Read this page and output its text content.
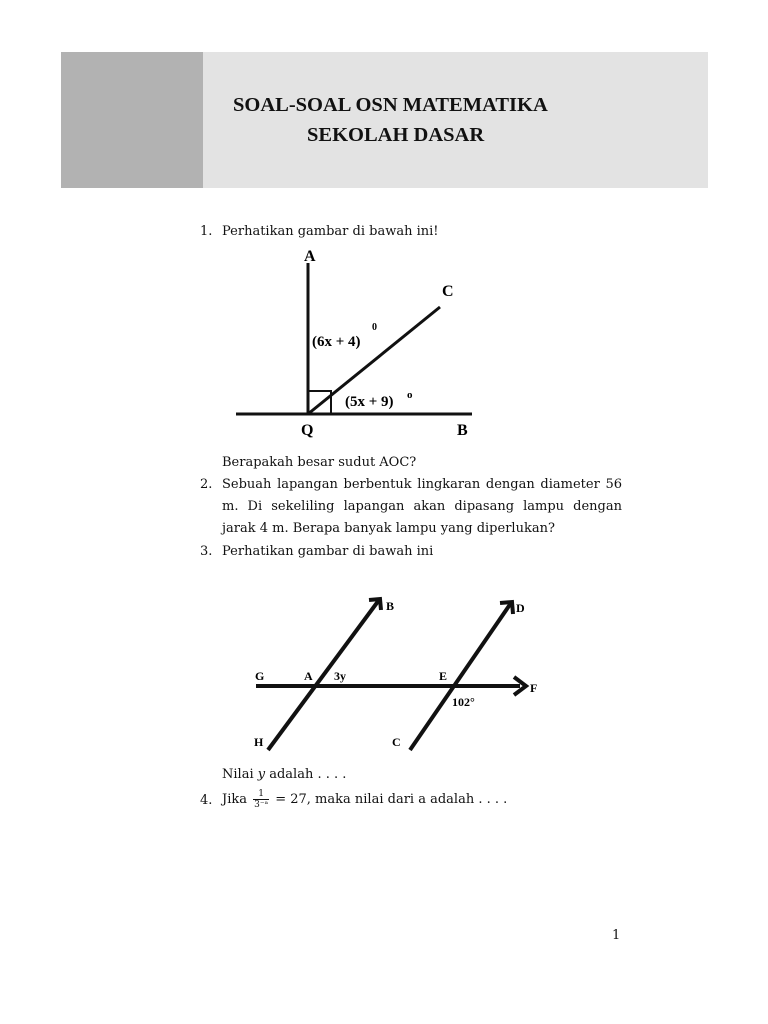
SOAL-SOAL OSN MATEMATIKA
SEKOLAH DASAR
1. Perhatikan gambar di bawah ini!
A
C
Q	B
(6x + 4)
0
(5x + 9) o
Berapakah besar sudut AOC?
2. Sebuah lapangan berbentuk lingkaran dengan diameter 56
m. Di sekeliling lapangan akan dipasang lampu dengan
jarak 4 m. Berapa banyak lampu yang diperlukan?
3. Perhatikan gambar di bawah ini
B	D
G	A 3y	E
F
102°
H	C
Nilai y adalah . . . .
4. Jika $\frac{1}{\text{3⁻ᵃ}} = 27$, maka nilai dari a adalah . . . .
1
